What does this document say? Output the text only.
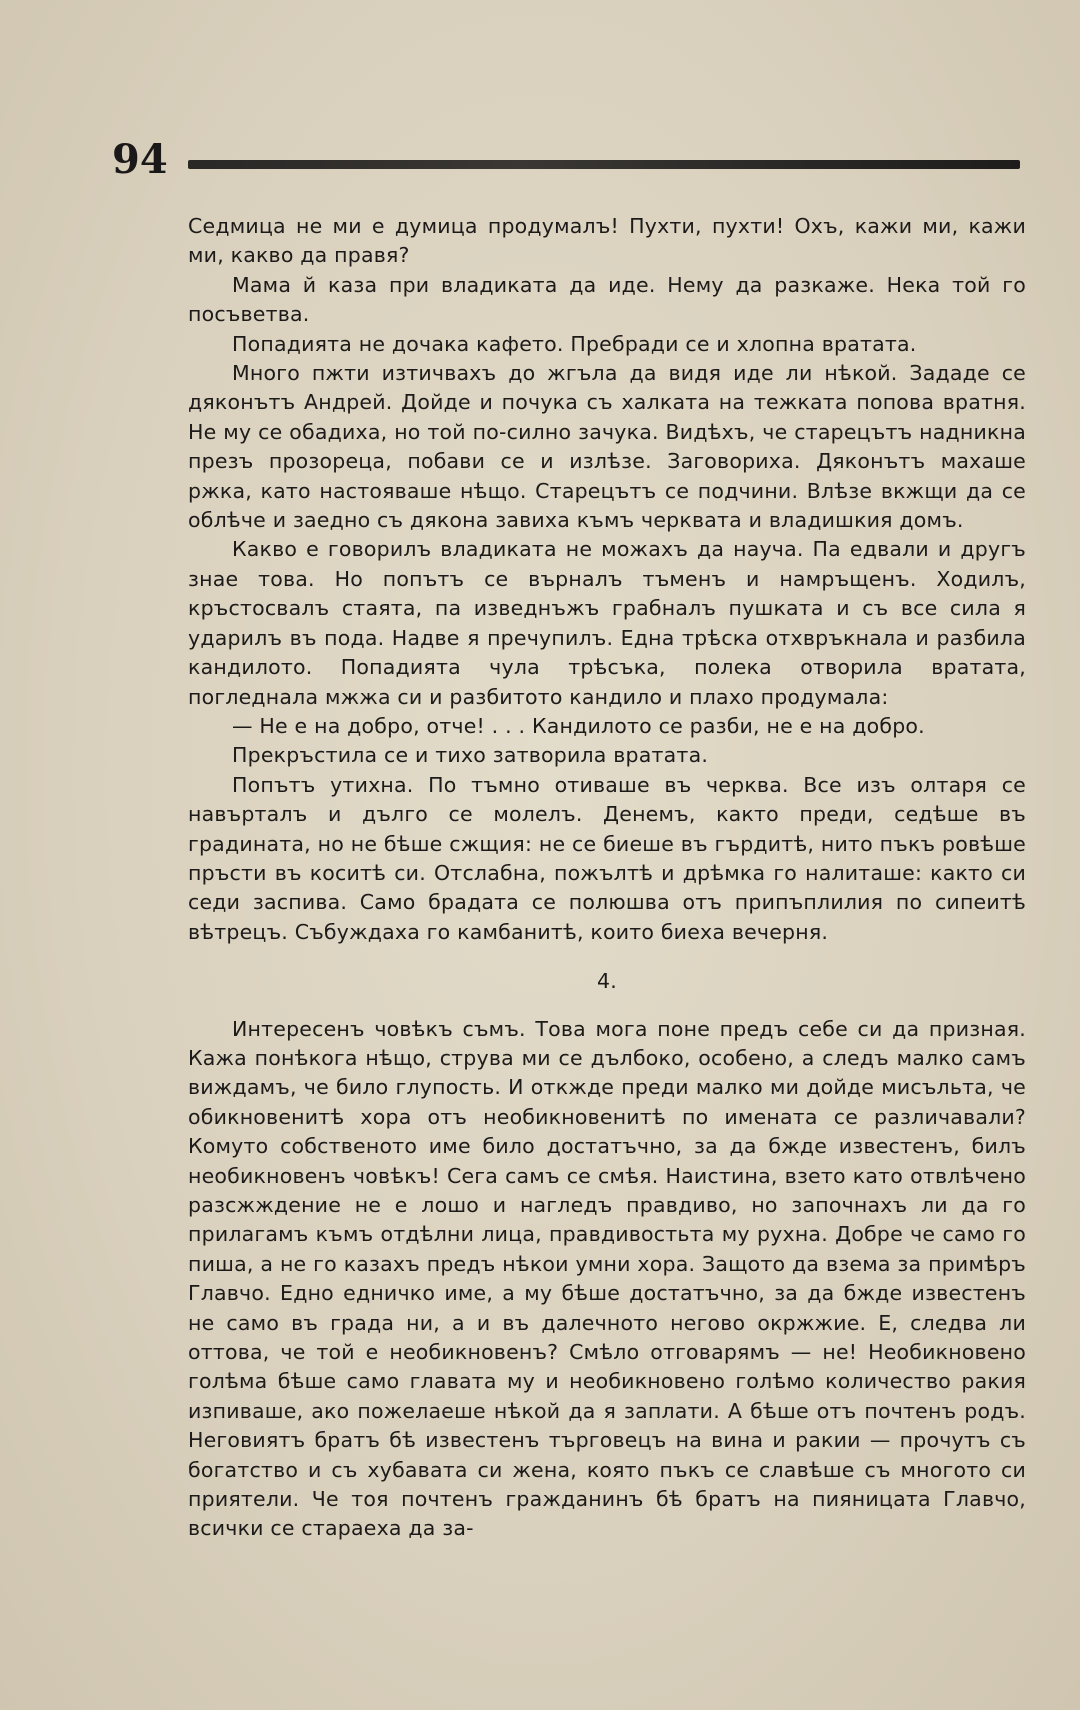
94

Седмица не ми е думица продумалъ! Пухти, пухти! Охъ, кажи ми, кажи ми, какво да правя?

Мама й каза при владиката да иде. Нему да разкаже. Нека той го посъветва.

Попадията не дочака кафето. Пребради се и хлопна вратата.

Много пжти изтичвахъ до жгъла да видя иде ли нѣкой. Зададе се дяконътъ Андрей. Дойде и почука съ халката на тежката попова вратня. Не му се обадиха, но той по-силно зачука. Видѣхъ, че старецътъ надникна презъ прозореца, побави се и излѣзе. Заговориха. Дяконътъ махаше ржка, като настояваше нѣщо. Старецътъ се подчини. Влѣзе вкжщи да се облѣче и заедно съ дякона завиха къмъ черквата и владишкия домъ.

Какво е говорилъ владиката не можахъ да науча. Па едвали и другъ знае това. Но попътъ се върналъ тъменъ и намръщенъ. Ходилъ, кръстосвалъ стаята, па изведнъжъ грабналъ пушката и съ все сила я ударилъ въ пода. Надве я пречупилъ. Една трѣска отхвръкнала и разбила кандилото. Попадията чула трѣсъка, полека отворила вратата, погледнала мжжа си и разбитото кандило и плахо продумала:

— Не е на добро, отче! . . . Кандилото се разби, не е на добро.

Прекръстила се и тихо затворила вратата.

Попътъ утихна. По тъмно отиваше въ черква. Все изъ олтаря се навърталъ и дълго се молелъ. Денемъ, както преди, седѣше въ градината, но не бѣше сжщия: не се биеше въ гърдитѣ, нито пъкъ ровѣше пръсти въ коситѣ си. Отслабна, пожълтѣ и дрѣмка го налиташе: както си седи заспива. Само брадата се полюшва отъ припъплилия по сипеитѣ вѣтрецъ. Събуждаха го камбанитѣ, които биеха вечерня.

4.

Интересенъ човѣкъ съмъ. Това мога поне предъ себе си да призная. Кажа понѣкога нѣщо, струва ми се дълбоко, особено, а следъ малко самъ виждамъ, че било глупость. И откжде преди малко ми дойде мисъльта, че обикновенитѣ хора отъ необикновенитѣ по имената се различавали? Комуто собственото име било достатъчно, за да бжде известенъ, билъ необикновенъ човѣкъ! Сега самъ се смѣя. Наистина, взето като отвлѣчено разсжждение не е лошо и нагледъ правдиво, но започнахъ ли да го прилагамъ къмъ отдѣлни лица, правдивостьта му рухна. Добре че само го пиша, а не го казахъ предъ нѣкои умни хора. Защото да взема за примѣръ Главчо. Едно едничко име, а му бѣше достатъчно, за да бжде известенъ не само въ града ни, а и въ далечното негово окржжие. Е, следва ли оттова, че той е необикновенъ? Смѣло отговарямъ — не! Необикновено голѣма бѣше само главата му и необикновено голѣмо количество ракия изпиваше, ако пожелаеше нѣкой да я заплати. А бѣше отъ почтенъ родъ. Неговиятъ братъ бѣ известенъ търговецъ на вина и ракии — прочутъ съ богатство и съ хубавата си жена, която пъкъ се славѣше съ многото си приятели. Че тоя почтенъ гражданинъ бѣ братъ на пияницата Главчо, всички се стараеха да за-
